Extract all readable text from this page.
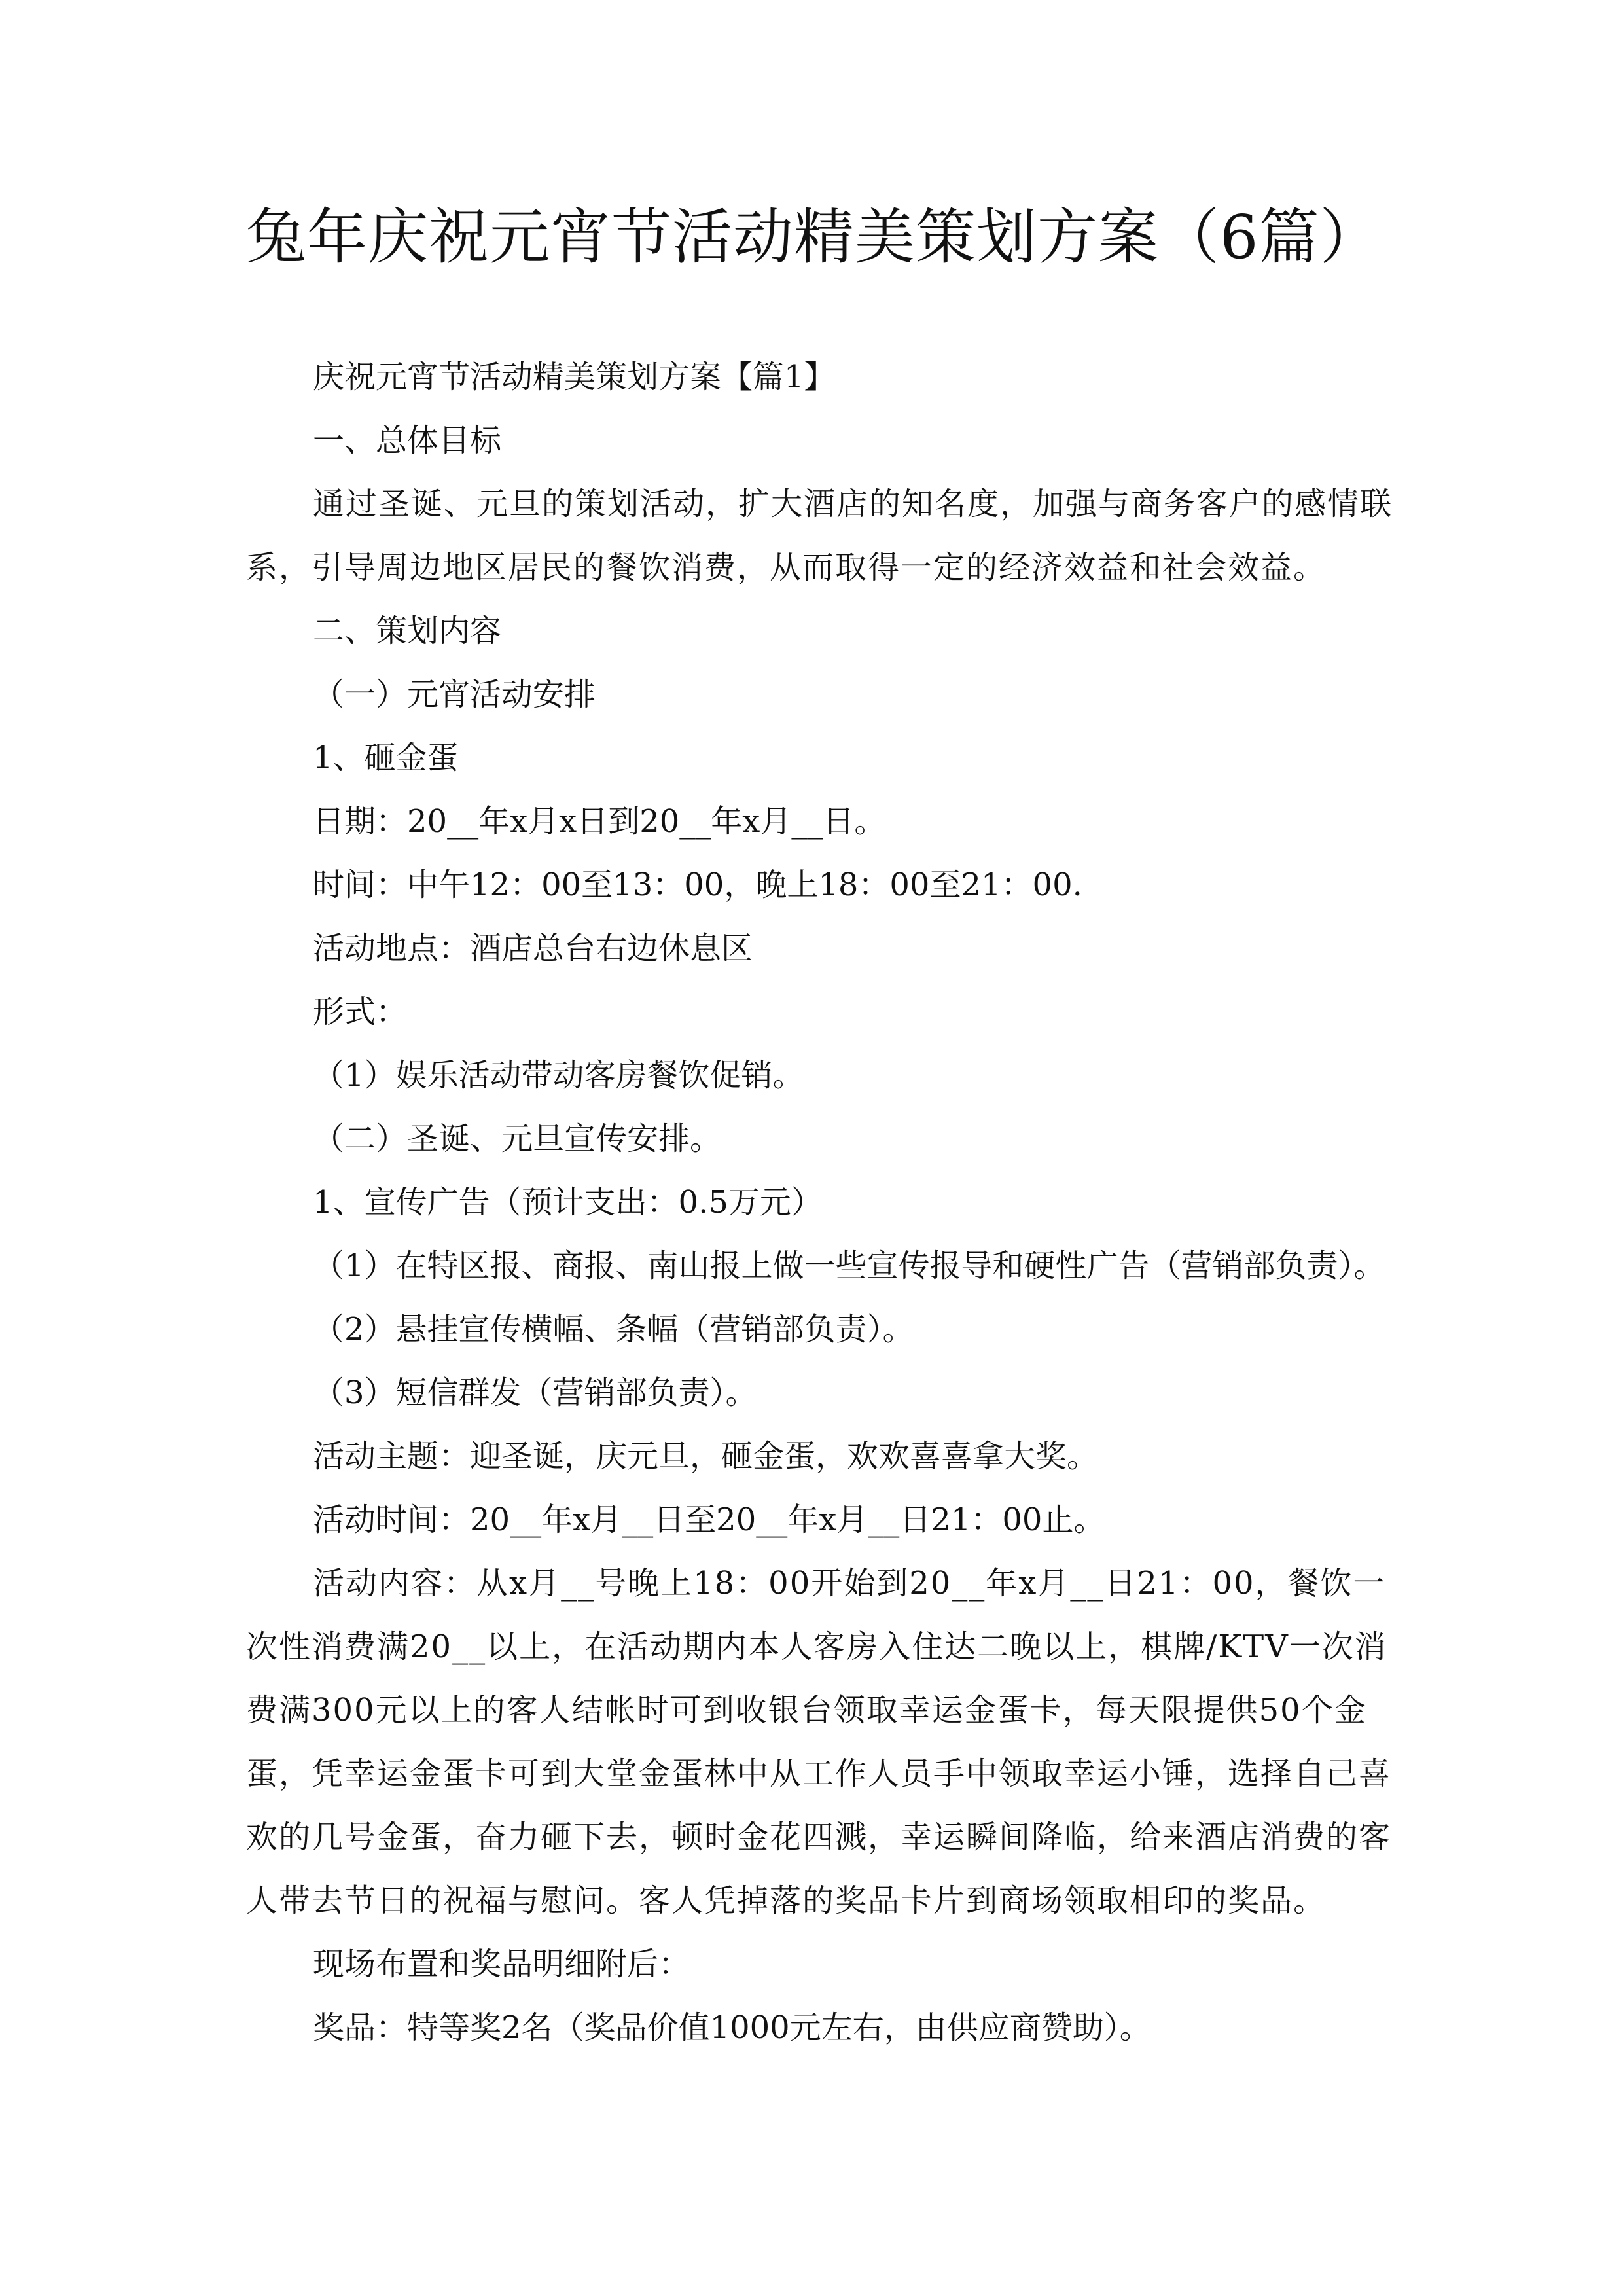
兔年庆祝元宵节活动精美策划方案（6篇）

庆祝元宵节活动精美策划方案【篇1】

一、总体目标

通过圣诞、元旦的策划活动，扩大酒店的知名度，加强与商务客户的感情联系，引导周边地区居民的餐饮消费，从而取得一定的经济效益和社会效益。

二、策划内容

（一）元宵活动安排

1、砸金蛋

日期：20__年x月x日到20__年x月__日。

时间：中午12：00至13：00，晚上18：00至21：00.

活动地点：酒店总台右边休息区

形式：

（1）娱乐活动带动客房餐饮促销。

（二）圣诞、元旦宣传安排。

1、宣传广告（预计支出：0.5万元）

（1）在特区报、商报、南山报上做一些宣传报导和硬性广告（营销部负责）。

（2）悬挂宣传横幅、条幅（营销部负责）。

（3）短信群发（营销部负责）。

活动主题：迎圣诞，庆元旦，砸金蛋，欢欢喜喜拿大奖。

活动时间：20__年x月__日至20__年x月__日21：00止。

活动内容：从x月__号晚上18：00开始到20__年x月__日21：00，餐饮一次性消费满20__以上，在活动期内本人客房入住达二晚以上，棋牌/KTV一次消费满300元以上的客人结帐时可到收银台领取幸运金蛋卡，每天限提供50个金蛋，凭幸运金蛋卡可到大堂金蛋林中从工作人员手中领取幸运小锤，选择自己喜欢的几号金蛋，奋力砸下去，顿时金花四溅，幸运瞬间降临，给来酒店消费的客人带去节日的祝福与慰问。客人凭掉落的奖品卡片到商场领取相印的奖品。

现场布置和奖品明细附后：

奖品：特等奖2名（奖品价值1000元左右，由供应商赞助）。
